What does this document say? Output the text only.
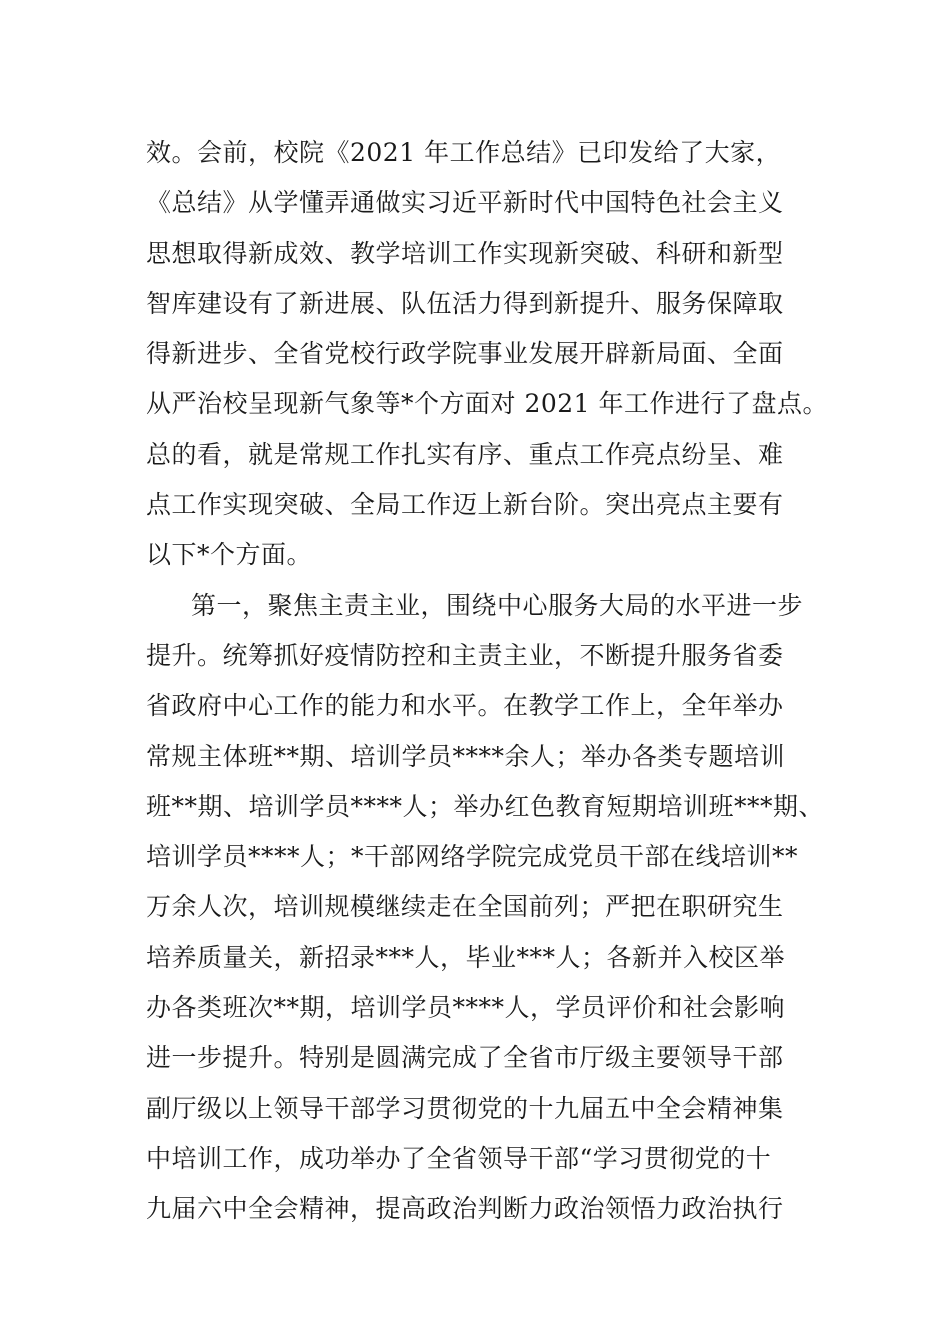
效。会前，校院《2021 年工作总结》已印发给了大家，
《总结》从学懂弄通做实习近平新时代中国特色社会主义
思想取得新成效、教学培训工作实现新突破、科研和新型
智库建设有了新进展、队伍活力得到新提升、服务保障取
得新进步、全省党校行政学院事业发展开辟新局面、全面
从严治校呈现新气象等*个方面对 2021 年工作进行了盘点。
总的看，就是常规工作扎实有序、重点工作亮点纷呈、难
点工作实现突破、全局工作迈上新台阶。突出亮点主要有
以下*个方面。
第一，聚焦主责主业，围绕中心服务大局的水平进一步
提升。统筹抓好疫情防控和主责主业，不断提升服务省委
省政府中心工作的能力和水平。在教学工作上，全年举办
常规主体班**期、培训学员****余人；举办各类专题培训
班**期、培训学员****人；举办红色教育短期培训班***期、
培训学员****人；*干部网络学院完成党员干部在线培训**
万余人次，培训规模继续走在全国前列；严把在职研究生
培养质量关，新招录***人，毕业***人；各新并入校区举
办各类班次**期，培训学员****人，学员评价和社会影响
进一步提升。特别是圆满完成了全省市厅级主要领导干部
副厅级以上领导干部学习贯彻党的十九届五中全会精神集
中培训工作，成功举办了全省领导干部“学习贯彻党的十
九届六中全会精神，提高政治判断力政治领悟力政治执行
